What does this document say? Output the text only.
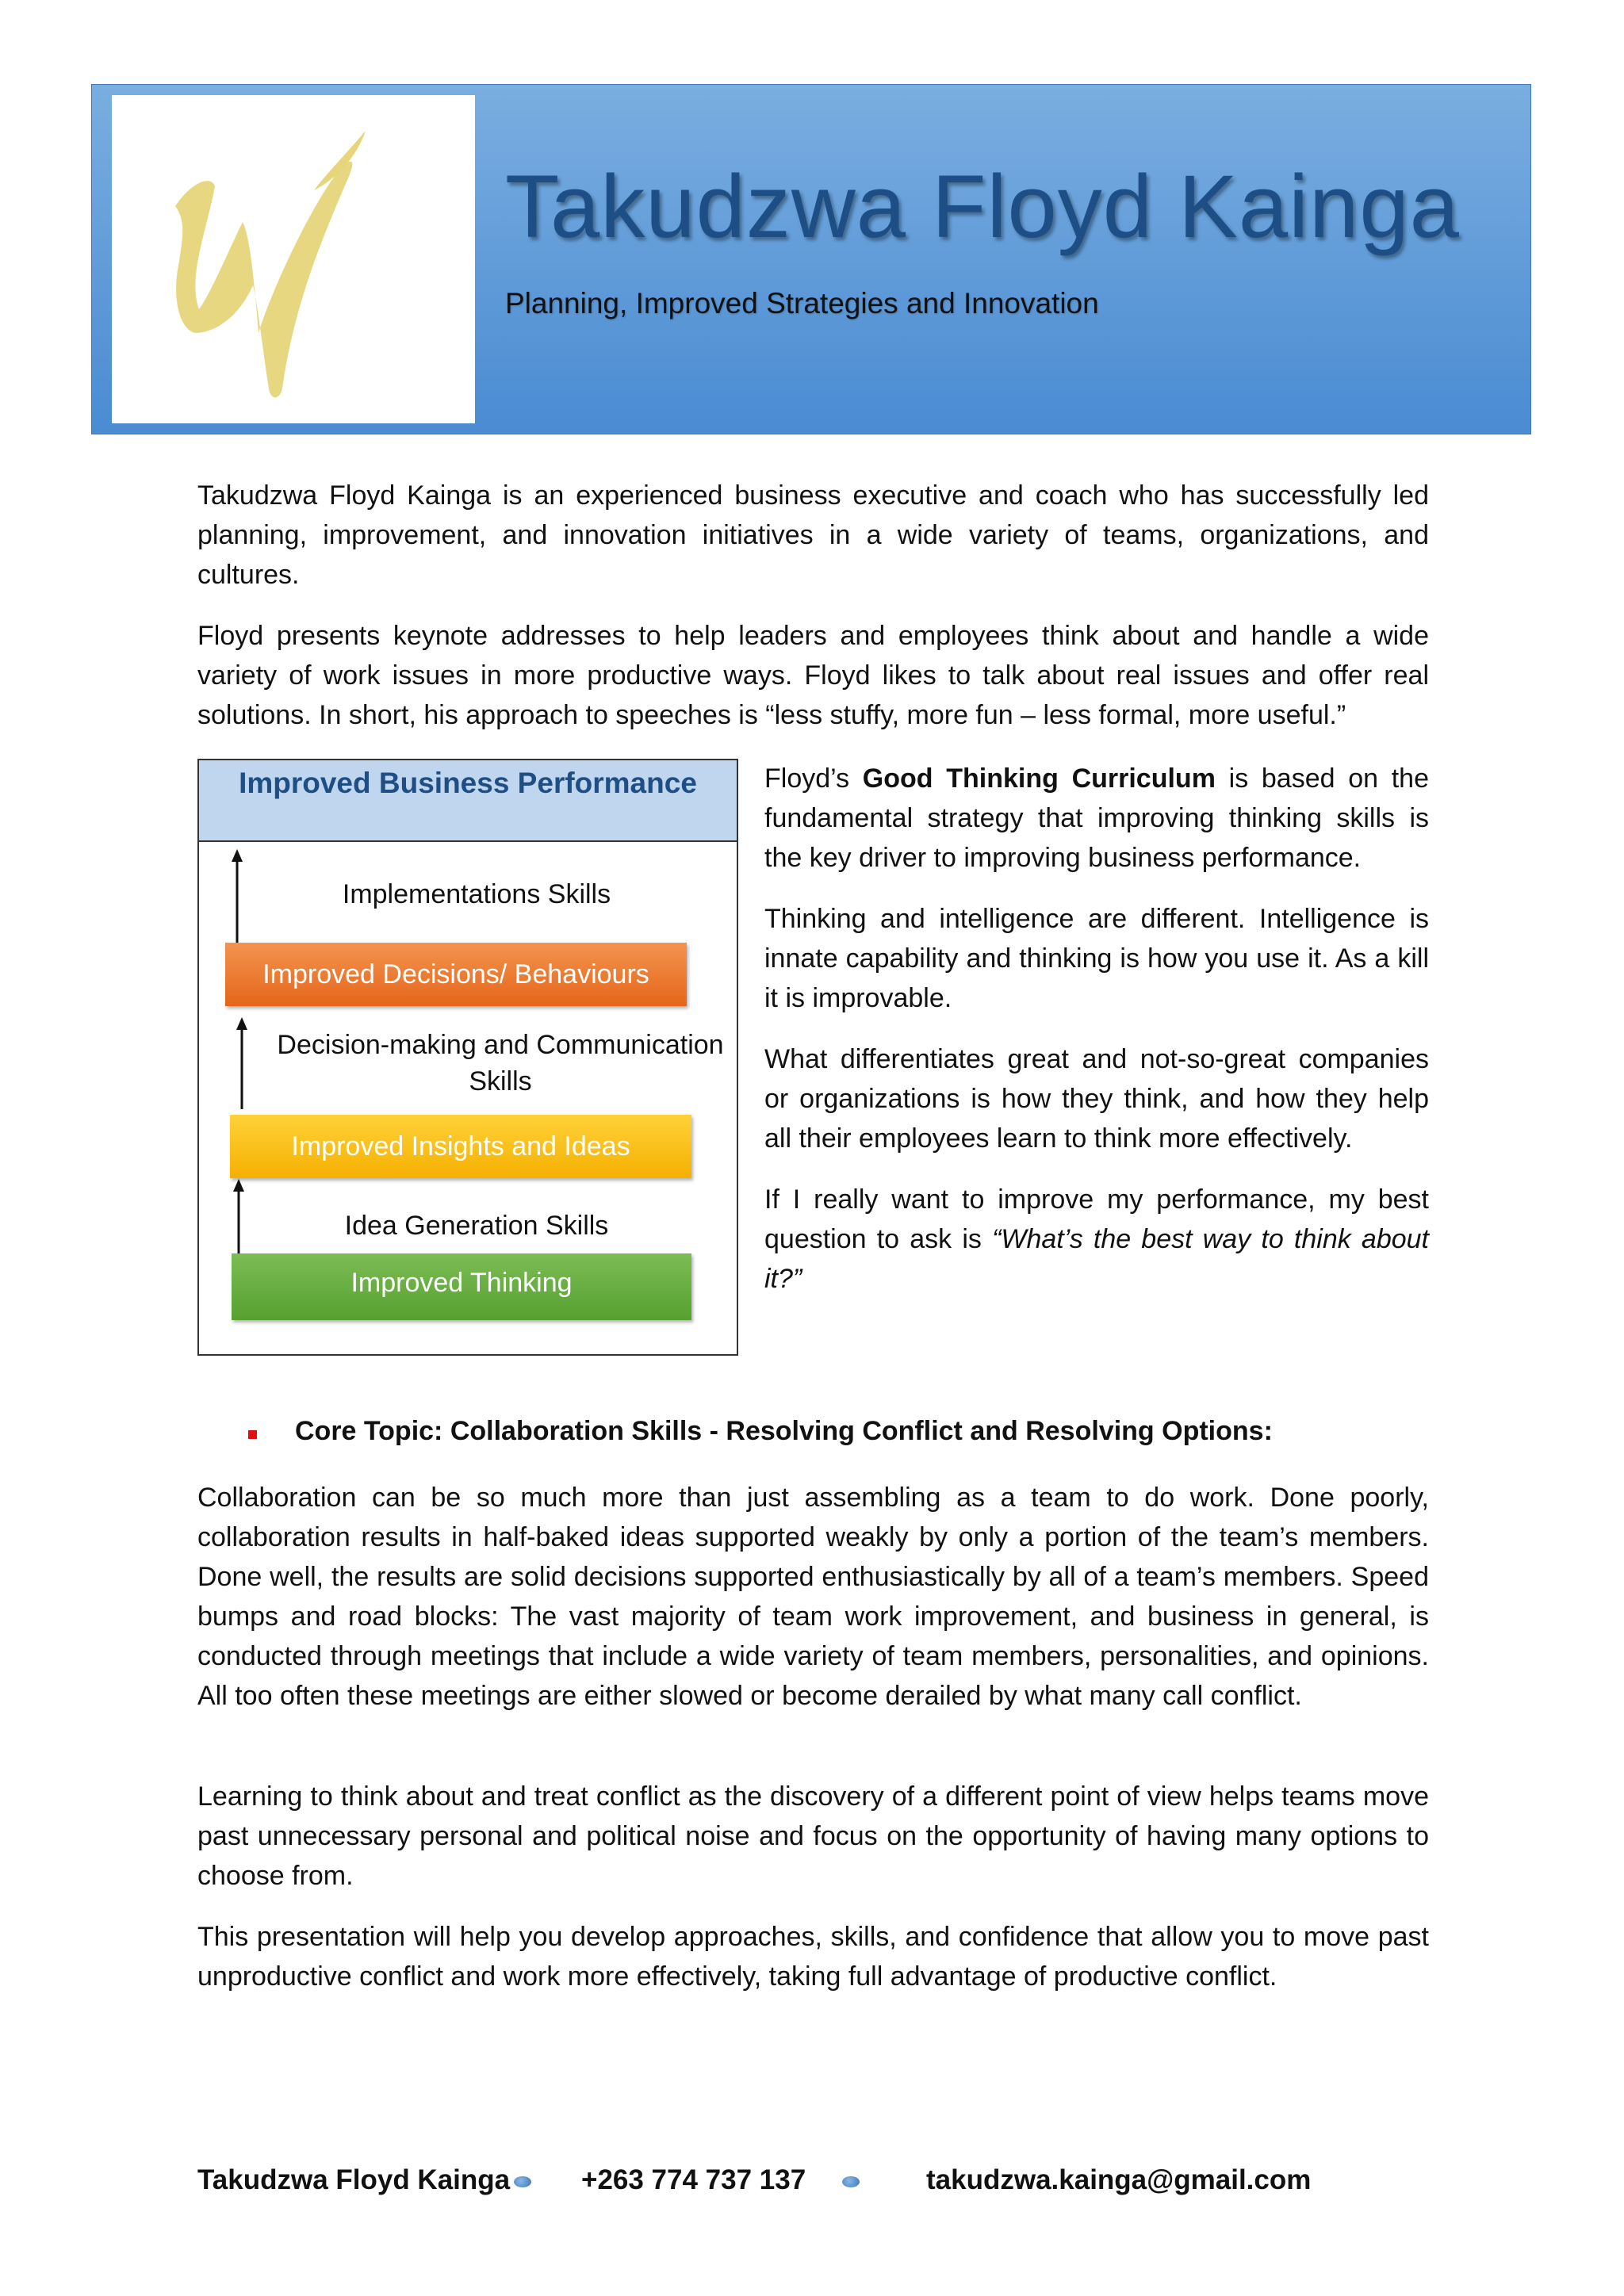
Takudzwa Floyd Kainga
Planning, Improved Strategies and Innovation

Takudzwa Floyd Kainga is an experienced business executive and coach who has successfully led planning, improvement, and innovation initiatives in a wide variety of teams, organizations, and cultures.

Floyd presents keynote addresses to help leaders and employees think about and handle a wide variety of work issues in more productive ways. Floyd likes to talk about real issues and offer real solutions. In short, his approach to speeches is “less stuffy, more fun – less formal, more useful.”

Improved Business Performance
Implementations Skills
Improved Decisions/ Behaviours
Decision-making and Communication Skills
Improved Insights and Ideas
Idea Generation Skills
Improved Thinking

Floyd’s Good Thinking Curriculum is based on the fundamental strategy that improving thinking skills is the key driver to improving business performance.

Thinking and intelligence are different. Intelligence is innate capability and thinking is how you use it. As a kill it is improvable.

What differentiates great and not-so-great companies or organizations is how they think, and how they help all their employees learn to think more effectively.

If I really want to improve my performance, my best question to ask is “What’s the best way to think about it?”

Core Topic: Collaboration Skills - Resolving Conflict and Resolving Options:

Collaboration can be so much more than just assembling as a team to do work. Done poorly, collaboration results in half-baked ideas supported weakly by only a portion of the team’s members. Done well, the results are solid decisions supported enthusiastically by all of a team’s members. Speed bumps and road blocks: The vast majority of team work improvement, and business in general, is conducted through meetings that include a wide variety of team members, personalities, and opinions. All too often these meetings are either slowed or become derailed by what many call conflict.

Learning to think about and treat conflict as the discovery of a different point of view helps teams move past unnecessary personal and political noise and focus on the opportunity of having many options to choose from.

This presentation will help you develop approaches, skills, and confidence that allow you to move past unproductive conflict and work more effectively, taking full advantage of productive conflict.

Takudzwa Floyd Kainga	+263 774 737 137	takudzwa.kainga@gmail.com
